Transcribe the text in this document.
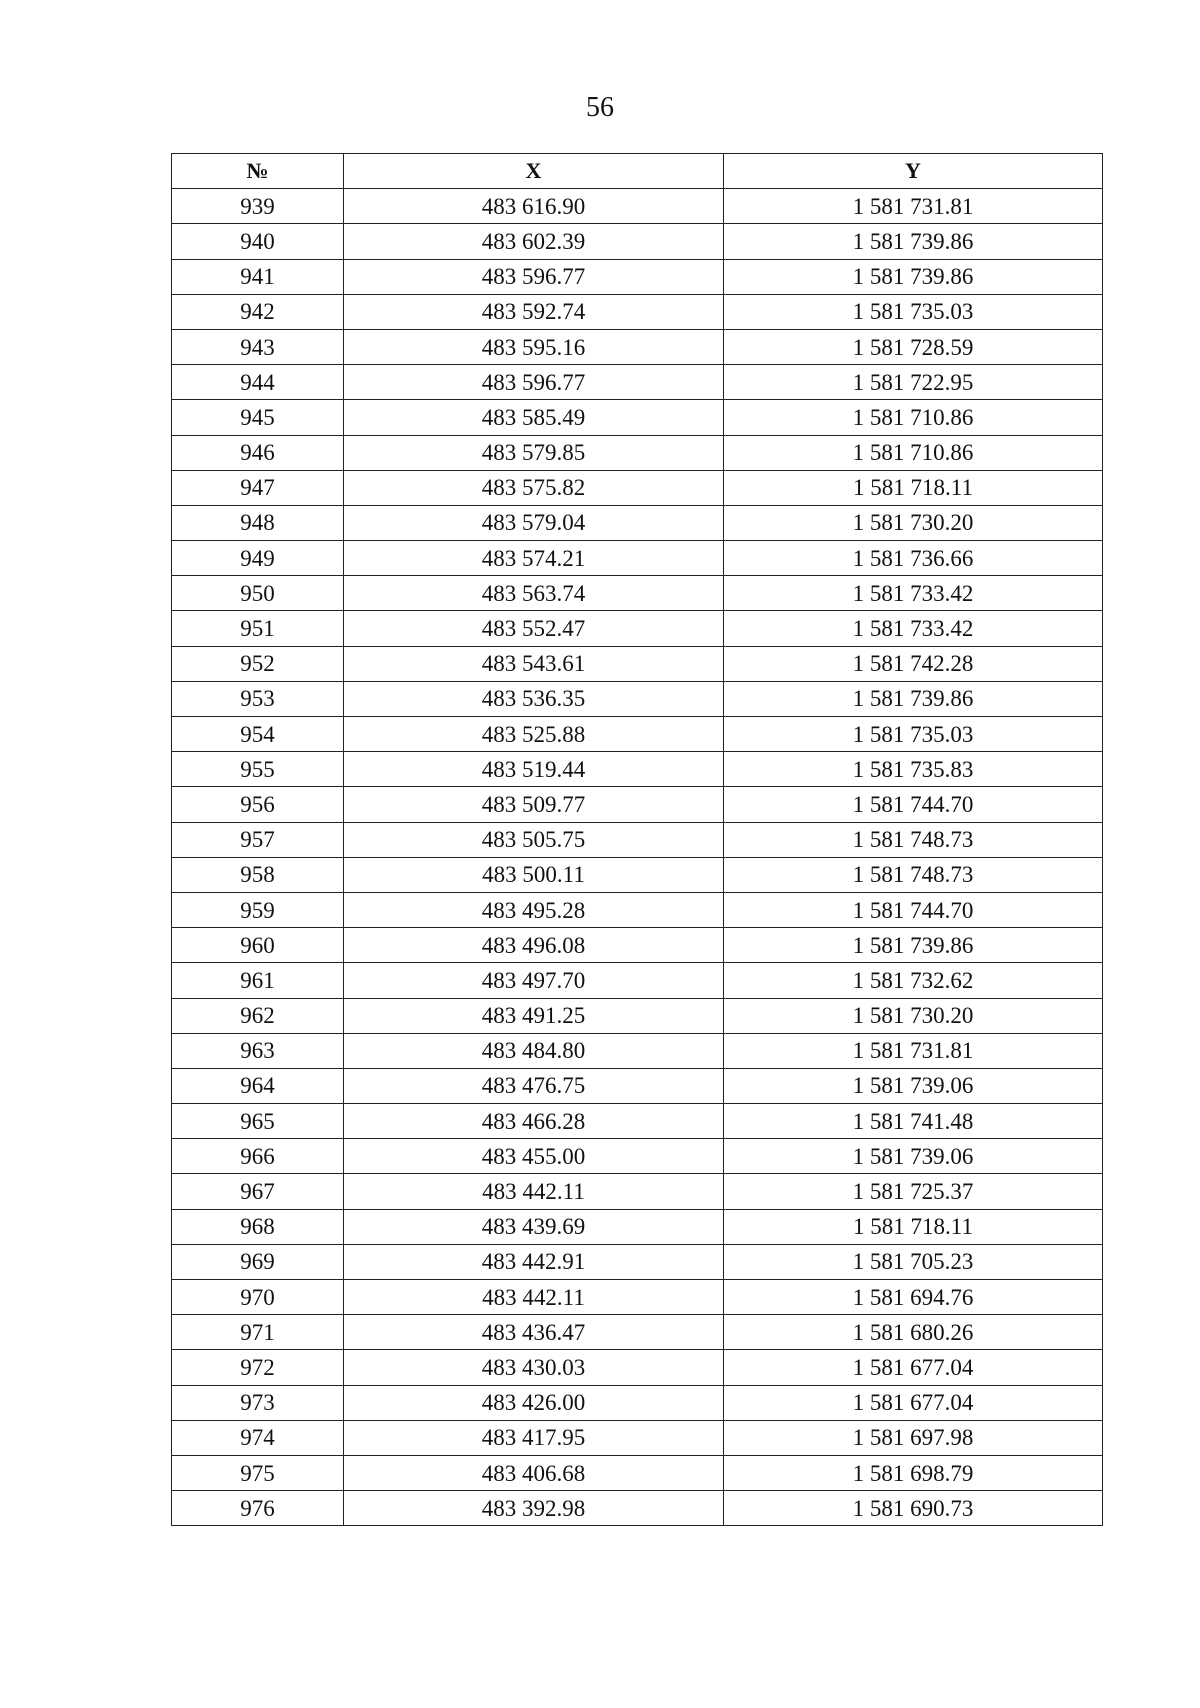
56
№	X	Y
939	483 616.90	1 581 731.81
940	483 602.39	1 581 739.86
941	483 596.77	1 581 739.86
942	483 592.74	1 581 735.03
943	483 595.16	1 581 728.59
944	483 596.77	1 581 722.95
945	483 585.49	1 581 710.86
946	483 579.85	1 581 710.86
947	483 575.82	1 581 718.11
948	483 579.04	1 581 730.20
949	483 574.21	1 581 736.66
950	483 563.74	1 581 733.42
951	483 552.47	1 581 733.42
952	483 543.61	1 581 742.28
953	483 536.35	1 581 739.86
954	483 525.88	1 581 735.03
955	483 519.44	1 581 735.83
956	483 509.77	1 581 744.70
957	483 505.75	1 581 748.73
958	483 500.11	1 581 748.73
959	483 495.28	1 581 744.70
960	483 496.08	1 581 739.86
961	483 497.70	1 581 732.62
962	483 491.25	1 581 730.20
963	483 484.80	1 581 731.81
964	483 476.75	1 581 739.06
965	483 466.28	1 581 741.48
966	483 455.00	1 581 739.06
967	483 442.11	1 581 725.37
968	483 439.69	1 581 718.11
969	483 442.91	1 581 705.23
970	483 442.11	1 581 694.76
971	483 436.47	1 581 680.26
972	483 430.03	1 581 677.04
973	483 426.00	1 581 677.04
974	483 417.95	1 581 697.98
975	483 406.68	1 581 698.79
976	483 392.98	1 581 690.73
